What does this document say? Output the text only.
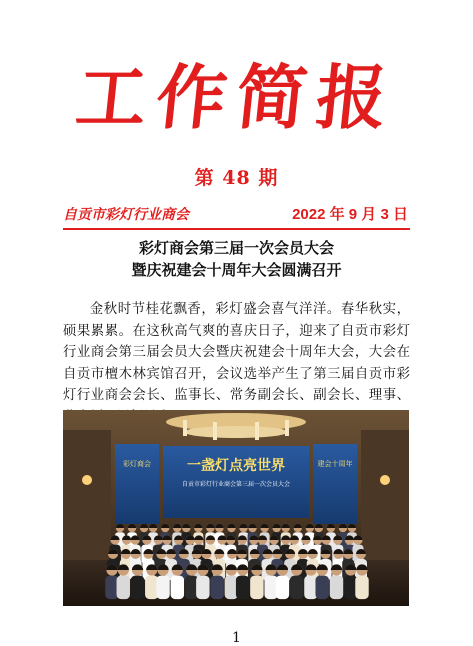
工作简报
第 48 期
自贡市彩灯行业商会	2022 年 9 月 3 日
彩灯商会第三届一次会员大会
暨庆祝建会十周年大会圆满召开
金秋时节桂花飘香，彩灯盛会喜气洋洋。春华秋实，硕果累累。在这秋高气爽的喜庆日子，迎来了自贡市彩灯行业商会第三届会员大会暨庆祝建会十周年大会，大会在自贡市檀木林宾馆召开，会议选举产生了第三届自贡市彩灯行业商会会长、监事长、常务副会长、副会长、理事、
彩灯商会	建会十周年
一盏灯点亮世界
自贡市彩灯行业商会第三届一次会员大会
1
